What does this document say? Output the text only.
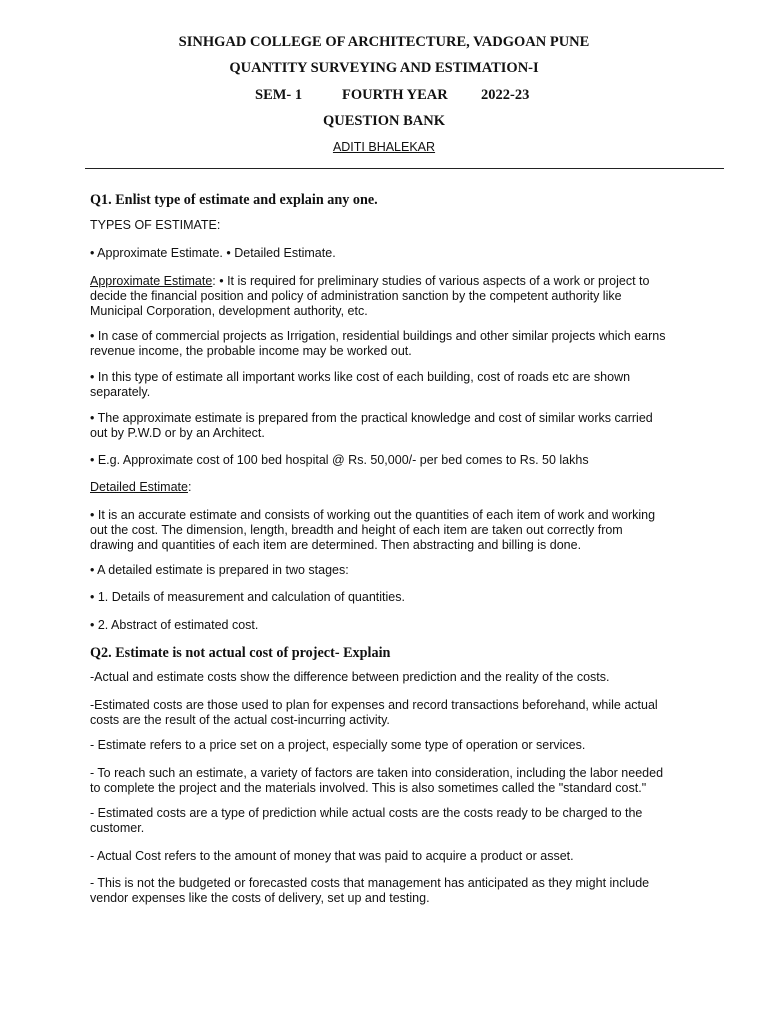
SINHGAD COLLEGE OF ARCHITECTURE, VADGOAN PUNE
QUANTITY SURVEYING AND ESTIMATION-I
SEM- 1	FOURTH YEAR 2022-23
QUESTION BANK
ADITI BHALEKAR
Q1. Enlist type of estimate and explain any one.
TYPES OF ESTIMATE:
• Approximate Estimate. • Detailed Estimate.
Approximate Estimate: • It is required for preliminary studies of various aspects of a work or project to
decide the financial position and policy of administration sanction by the competent authority like
Municipal Corporation, development authority, etc.
• In case of commercial projects as Irrigation, residential buildings and other similar projects which earns
revenue income, the probable income may be worked out.
• In this type of estimate all important works like cost of each building, cost of roads etc are shown
separately.
• The approximate estimate is prepared from the practical knowledge and cost of similar works carried
out by P.W.D or by an Architect.
• E.g. Approximate cost of 100 bed hospital @ Rs. 50,000/- per bed comes to Rs. 50 lakhs
Detailed Estimate:
• It is an accurate estimate and consists of working out the quantities of each item of work and working
out the cost. The dimension, length, breadth and height of each item are taken out correctly from
drawing and quantities of each item are determined. Then abstracting and billing is done.
• A detailed estimate is prepared in two stages:
• 1. Details of measurement and calculation of quantities.
• 2. Abstract of estimated cost.
Q2. Estimate is not actual cost of project- Explain
-Actual and estimate costs show the difference between prediction and the reality of the costs.
-Estimated costs are those used to plan for expenses and record transactions beforehand, while actual
costs are the result of the actual cost-incurring activity.
- Estimate refers to a price set on a project, especially some type of operation or services.
- To reach such an estimate, a variety of factors are taken into consideration, including the labor needed
to complete the project and the materials involved. This is also sometimes called the "standard cost."
- Estimated costs are a type of prediction while actual costs are the costs ready to be charged to the
customer.
- Actual Cost refers to the amount of money that was paid to acquire a product or asset.
- This is not the budgeted or forecasted costs that management has anticipated as they might include
vendor expenses like the costs of delivery, set up and testing.
